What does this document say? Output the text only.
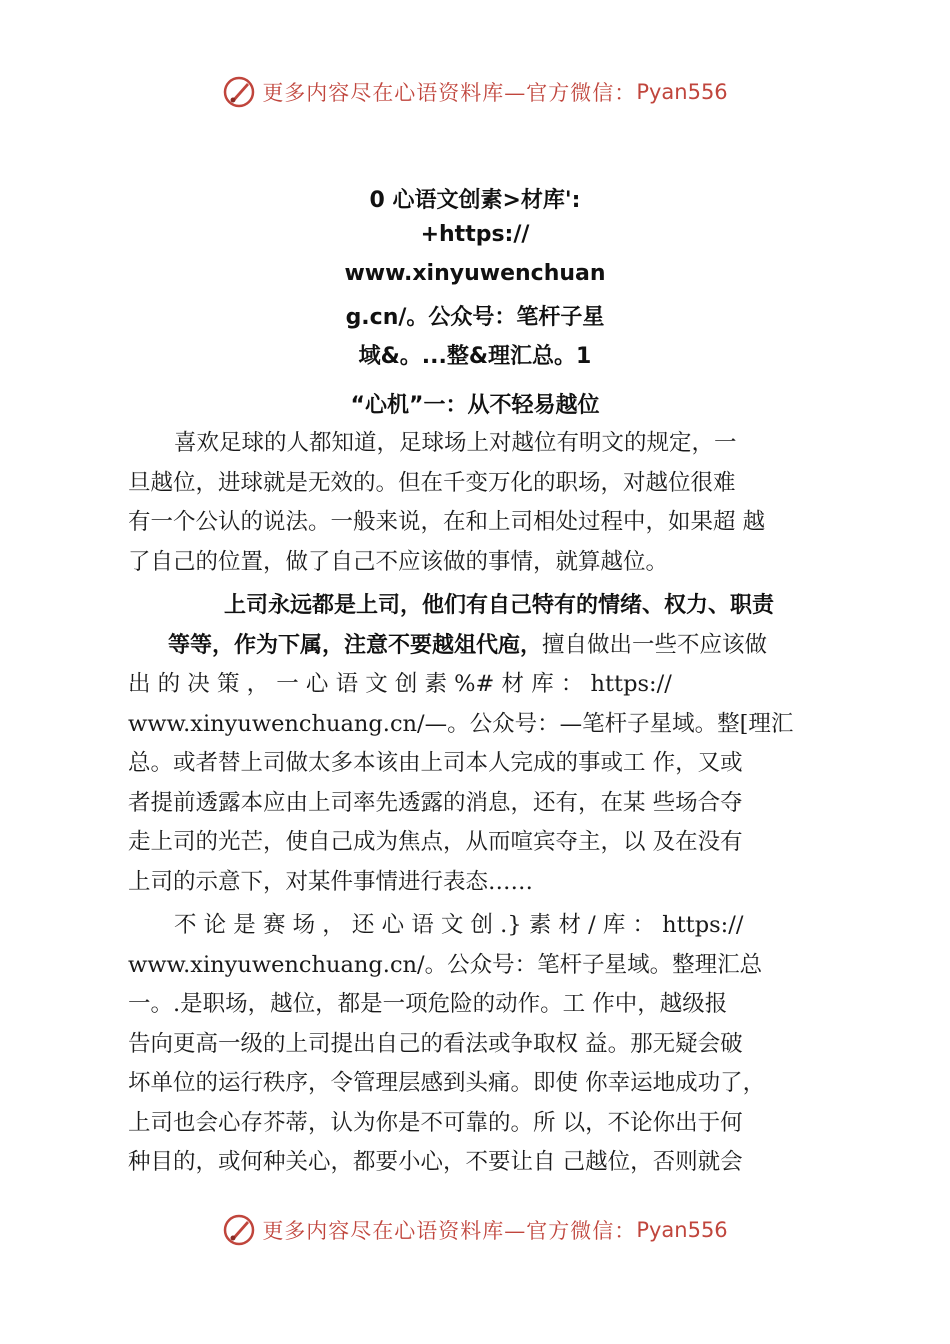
更多内容尽在心语资料库—官方微信： Pyan556
0 心语文创素>材库':
+https://
www.xinyuwenchuan
g.cn/。公众号：笔杆子星
域&。...整&理汇总。1
“心机”一：从不轻易越位
喜欢足球的人都知道，足球场上对越位有明文的规定，一
旦越位，进球就是无效的。但在千变万化的职场，对越位很难
有一个公认的说法。一般来说，在和上司相处过程中，如果超 越
了自己的位置，做了自己不应该做的事情，就算越位。
上司永远都是上司，他们有自己特有的情绪、权力、职责
等等，作为下属，注意不要越俎代庖，擅自做出一些不应该做
出 的 决 策 ， 一 心 语 文 创 素 %# 材 库 ： https://
www.xinyuwenchuang.cn/—。公众号：—笔杆子星域。整[理汇
总。或者替上司做太多本该由上司本人完成的事或工 作，又或
者提前透露本应由上司率先透露的消息，还有，在某 些场合夺
走上司的光芒，使自己成为焦点，从而喧宾夺主，以 及在没有
上司的示意下，对某件事情进行表态……
不 论 是 赛 场 ， 还 心 语 文 创 .} 素 材 / 库 ： https://
www.xinyuwenchuang.cn/。公众号：笔杆子星域。整理汇总
一。.是职场，越位，都是一项危险的动作。工 作中，越级报
告向更高一级的上司提出自己的看法或争取权 益。那无疑会破
坏单位的运行秩序，令管理层感到头痛。即使 你幸运地成功了，
上司也会心存芥蒂，认为你是不可靠的。所 以，不论你出于何
种目的，或何种关心，都要小心，不要让自 己越位，否则就会
更多内容尽在心语资料库—官方微信： Pyan556
